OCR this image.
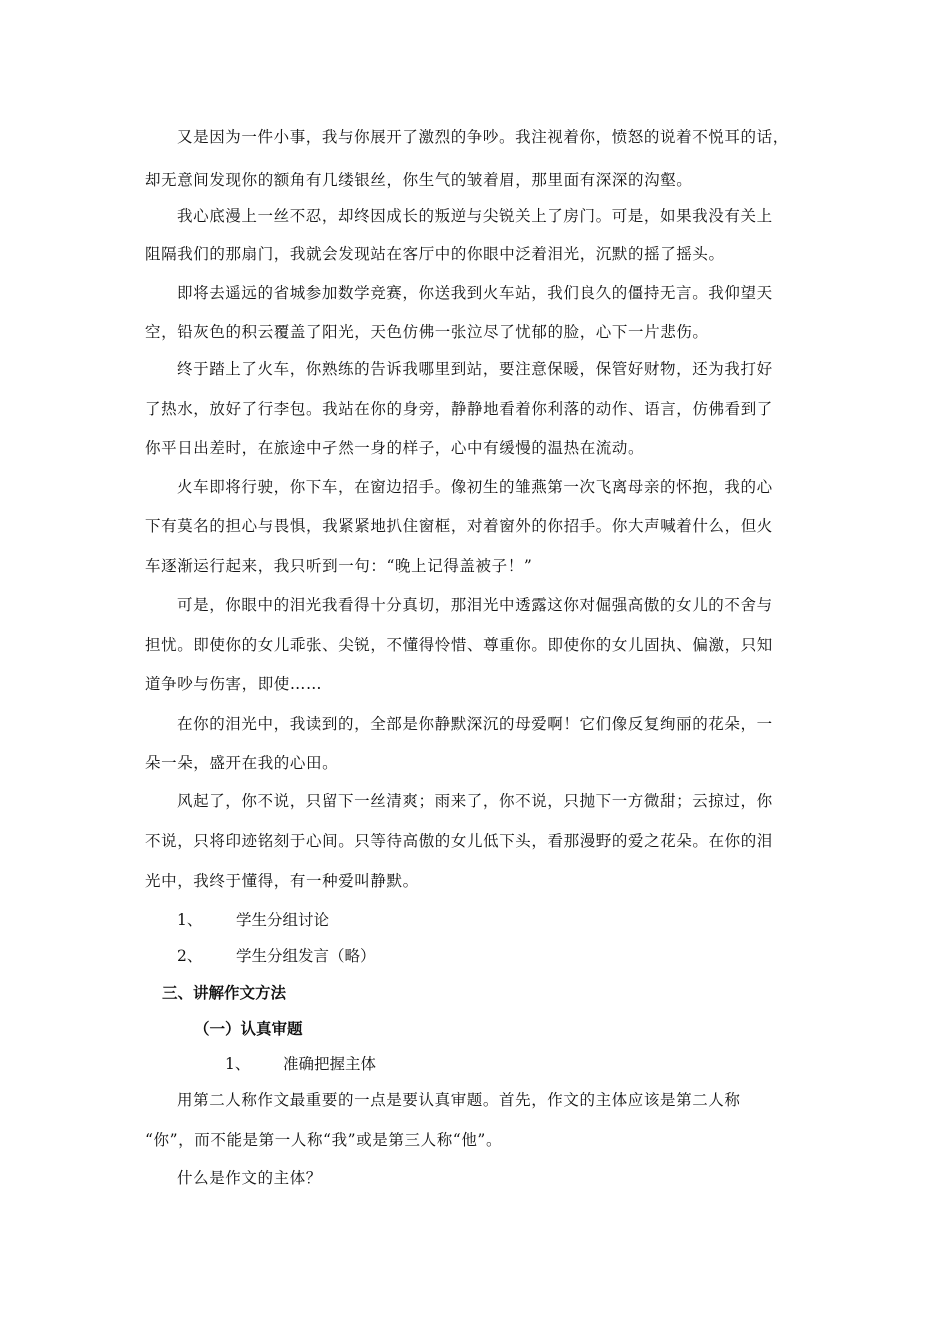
又是因为一件小事，我与你展开了激烈的争吵。我注视着你，愤怒的说着不悦耳的话，
却无意间发现你的额角有几缕银丝，你生气的皱着眉，那里面有深深的沟壑。
我心底漫上一丝不忍，却终因成长的叛逆与尖锐关上了房门。可是，如果我没有关上
阻隔我们的那扇门，我就会发现站在客厅中的你眼中泛着泪光，沉默的摇了摇头。
即将去遥远的省城参加数学竞赛，你送我到火车站，我们良久的僵持无言。我仰望天
空，铅灰色的积云覆盖了阳光，天色仿佛一张泣尽了忧郁的脸，心下一片悲伤。
终于踏上了火车，你熟练的告诉我哪里到站，要注意保暖，保管好财物，还为我打好
了热水，放好了行李包。我站在你的身旁，静静地看着你利落的动作、语言，仿佛看到了
你平日出差时，在旅途中孑然一身的样子，心中有缓慢的温热在流动。
火车即将行驶，你下车，在窗边招手。像初生的雏燕第一次飞离母亲的怀抱，我的心
下有莫名的担心与畏惧，我紧紧地扒住窗框，对着窗外的你招手。你大声喊着什么，但火
车逐渐运行起来，我只听到一句：“晚上记得盖被子！”
可是，你眼中的泪光我看得十分真切，那泪光中透露这你对倔强高傲的女儿的不舍与
担忧。即使你的女儿乖张、尖锐，不懂得怜惜、尊重你。即使你的女儿固执、偏激，只知
道争吵与伤害，即使……
在你的泪光中，我读到的，全部是你静默深沉的母爱啊！它们像反复绚丽的花朵，一
朵一朵，盛开在我的心田。
风起了，你不说，只留下一丝清爽；雨来了，你不说，只抛下一方微甜；云掠过，你
不说，只将印迹铭刻于心间。只等待高傲的女儿低下头，看那漫野的爱之花朵。在你的泪
光中，我终于懂得，有一种爱叫静默。
1、 学生分组讨论
2、 学生分组发言（略）
三、讲解作文方法
（一）认真审题
1、 准确把握主体
用第二人称作文最重要的一点是要认真审题。首先，作文的主体应该是第二人称
“你”，而不能是第一人称“我”或是第三人称“他”。
什么是作文的主体？
